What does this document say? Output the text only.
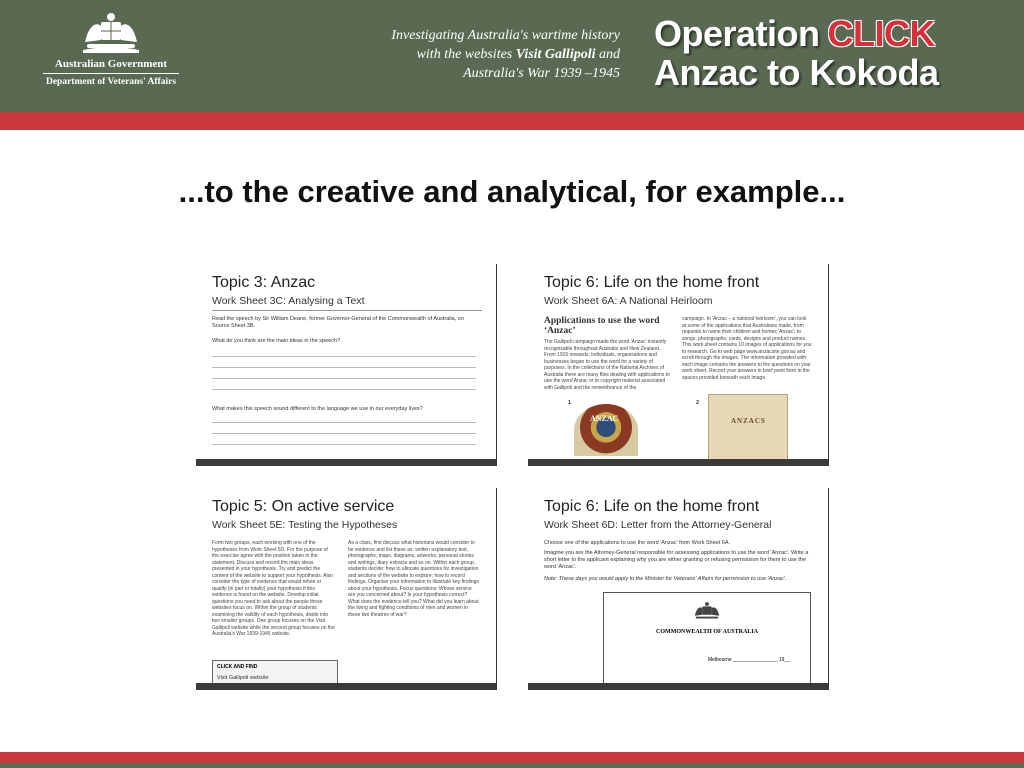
Australian Government
Department of Veterans' Affairs
Investigating Australia's wartime history
with the websites Visit Gallipoli and
Australia's War 1939 –1945
Operation CLICK
Anzac to Kokoda
...to the creative and analytical, for example...
Topic 3: Anzac
Work Sheet 3C: Analysing a Text
Read the speech by Sir William Deane, former Governor-General of the Commonwealth of Australia, on Source Sheet 3B.
What do you think are the main ideas in the speech?
What makes this speech sound different to the language we use in our everyday lives?
Topic 6: Life on the home front
Work Sheet 6A: A National Heirloom
Applications to use the word ‘Anzac’
The Gallipoli campaign made the word 'Anzac' instantly recognisable throughout Australia and New Zealand. From 1915 onwards, individuals, organisations and businesses began to use the word for a variety of purposes. In the collections of the National Archives of Australia there are many files dealing with applications to use the word Anzac or to copyright material associated with Gallipoli and the remembrance of the
campaign. In 'Anzac – a national heirloom', you can look at some of the applications that Australians made, from requests to name their children and homes 'Anzac'; to songs, photographs, cards, designs and product names. This work sheet contains 10 images of applications for you to research. Go to web page www.anzacsite.gov.au and scroll through the images. The information provided with each image contains the answers to the questions on your work sheet. Record your answers in brief point form in the spaces provided beneath each image.
1
ANZAC
2
ANZACS
Topic 5: On active service
Work Sheet 5E: Testing the Hypotheses
Form two groups, each working with one of the hypotheses from Work Sheet 5D. For the purpose of the exercise agree with the position taken in the statement. Discuss and record the main ideas presented in your hypothesis. Try and predict the content of the website to support your hypothesis. Also consider the type of evidence that would refute or qualify (in part or totally) your hypothesis if this evidence is found on the website. Develop initial questions you need to ask about the people these websites focus on. Within the group of students examining the validity of each hypothesis, divide into two smaller groups. One group focuses on the Visit Gallipoli website while the second group focuses on the Australia's War 1939-1945 website.
As a class, first discuss what historians would consider to be evidence and list these as: written explanatory text, photographs, maps, diagrams, artworks, personal stories and writings, diary extracts and so on. Within each group, students decide: how to allocate questions for investigation and sections of the website to explore; how to record findings. Organise your information to illustrate key findings about your hypothesis. Focus questions: Whose service are you concerned about? Is your hypothesis correct? What does the evidence tell you? What did you learn about the living and fighting conditions of men and women in these two theatres of war?
CLICK AND FIND
Visit Gallipoli website
Topic 6: Life on the home front
Work Sheet 6D: Letter from the Attorney-General
Choose one of the applications to use the word 'Anzac' from Work Sheet 6A.
Imagine you are the Attorney-General responsible for assessing applications to use the word 'Anzac'. Write a short letter to the applicant explaining why you are either granting or refusing permission for them to use the word 'Anzac'.
Note: These days you would apply to the Minister for Veterans' Affairs for permission to use 'Anzac'.
COMMONWEALTH OF AUSTRALIA
Melbourne ________________ 19__
